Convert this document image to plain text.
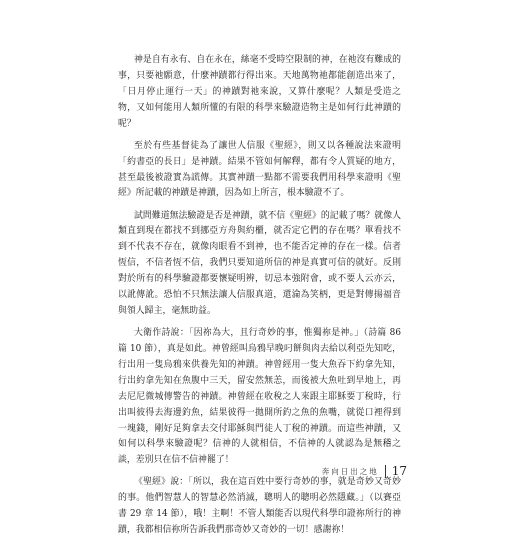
神是自有永有、自在永在，絲毫不受時空限制的神，在祂沒有難成的事，只要祂願意，什麼神蹟都行得出來。天地萬物祂都能創造出來了，「日月停止運行一天」的神蹟對祂來說，又算什麼呢？人類是受造之物，又如何能用人類所懂的有限的科學來驗證造物主是如何行此神蹟的呢？

至於有些基督徒為了讓世人信服《聖經》，則又以各種說法來證明「約書亞的長日」是神蹟。結果不管如何解釋，都有令人質疑的地方，甚至最後被證實為謊傳。其實神蹟一點都不需要我們用科學來證明《聖經》所記載的神蹟是神蹟，因為如上所言，根本驗證不了。

試問難道無法驗證是否是神蹟，就不信《聖經》的記載了嗎？就像人類直到現在都找不到挪亞方舟與約櫃，就否定它們的存在嗎？單看找不到不代表不存在，就像肉眼看不到神，也不能否定神的存在一樣。信者恆信，不信者恆不信，我們只要知道所信的神是真實可信的就好。反則對於所有的科學驗證都要懷疑明辨，切忌本強附會，或不要人云亦云，以訛傳訛。恐怕不只無法讓人信服真道，還淪為笑柄，更是對傳揚福音與領人歸主，毫無助益。

大衛作詩說：「因祢為大，且行奇妙的事，惟獨祢是神。」（詩篇 86 篇 10 節），真是如此。神曾經叫烏鴉早晚叼餅與肉去給以利亞先知吃，行出用一隻烏鴉來供養先知的神蹟。神曾經用一隻大魚吞下約拿先知，行出約拿先知在魚腹中三天，留安然無恙，而後被大魚吐到旱地上，再去尼尼微城傳警告的神蹟。神曾經在收稅之人來跟主耶穌要丁稅時，行出叫彼得去海邊釣魚，結果彼得一拋開所釣之魚的魚嘴，就從口裡得到一塊錢，剛好足夠拿去交付耶穌與門徒人丁稅的神蹟。而這些神蹟，又如何以科學來驗證呢？信神的人就相信，不信神的人就認為是無稽之談，差別只在信不信神罷了！

《聖經》說：「所以，我在這百姓中要行奇妙的事，就是奇妙又奇妙的事。他們智慧人的智慧必然消滅，聰明人的聰明必然隱藏。」（以賽亞書 29 章 14 節），哦！主啊！不管人類能否以現代科學印證祢所行的神蹟，我都相信祢所告訴我們那奇妙又奇妙的一切！感謝祢！

奔向日出之地 17
